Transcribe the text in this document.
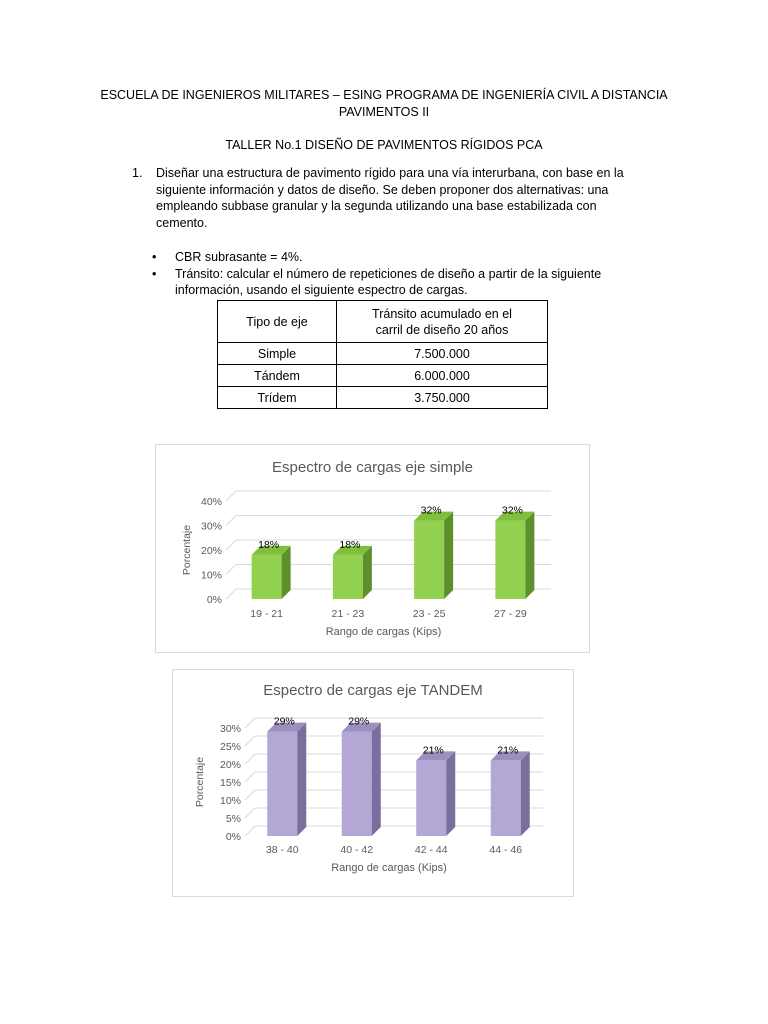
ESCUELA DE INGENIEROS MILITARES – ESING PROGRAMA DE INGENIERÍA CIVIL A DISTANCIA
PAVIMENTOS II
TALLER No.1 DISEÑO DE PAVIMENTOS RÍGIDOS PCA
1. Diseñar una estructura de pavimento rígido para una vía interurbana, con base en la siguiente información y datos de diseño. Se deben proponer dos alternativas: una empleando subbase granular y la segunda utilizando una base estabilizada con cemento.
• CBR subrasante = 4%.
• Tránsito: calcular el número de repeticiones de diseño a partir de la siguiente información, usando el siguiente espectro de cargas.
Tipo de eje	Tránsito acumulado en el carril de diseño 20 años

Simple	7.500.000
Tándem	6.000.000
Trídem	3.750.000
Espectro de cargas eje simple
0%
10%
20%
30%
40%
Porcentaje	18%
19 - 21
18%
21 - 23
32%
23 - 25
32%
27 - 29
Rango de cargas (Kips)
Espectro de cargas eje TANDEM
0%
5%
10%
15%
20%
25%
30%
Porcentaje
29%
38 - 40
29%
40 - 42
21%
42 - 44
21%
44 - 46
Rango de cargas (Kips)
